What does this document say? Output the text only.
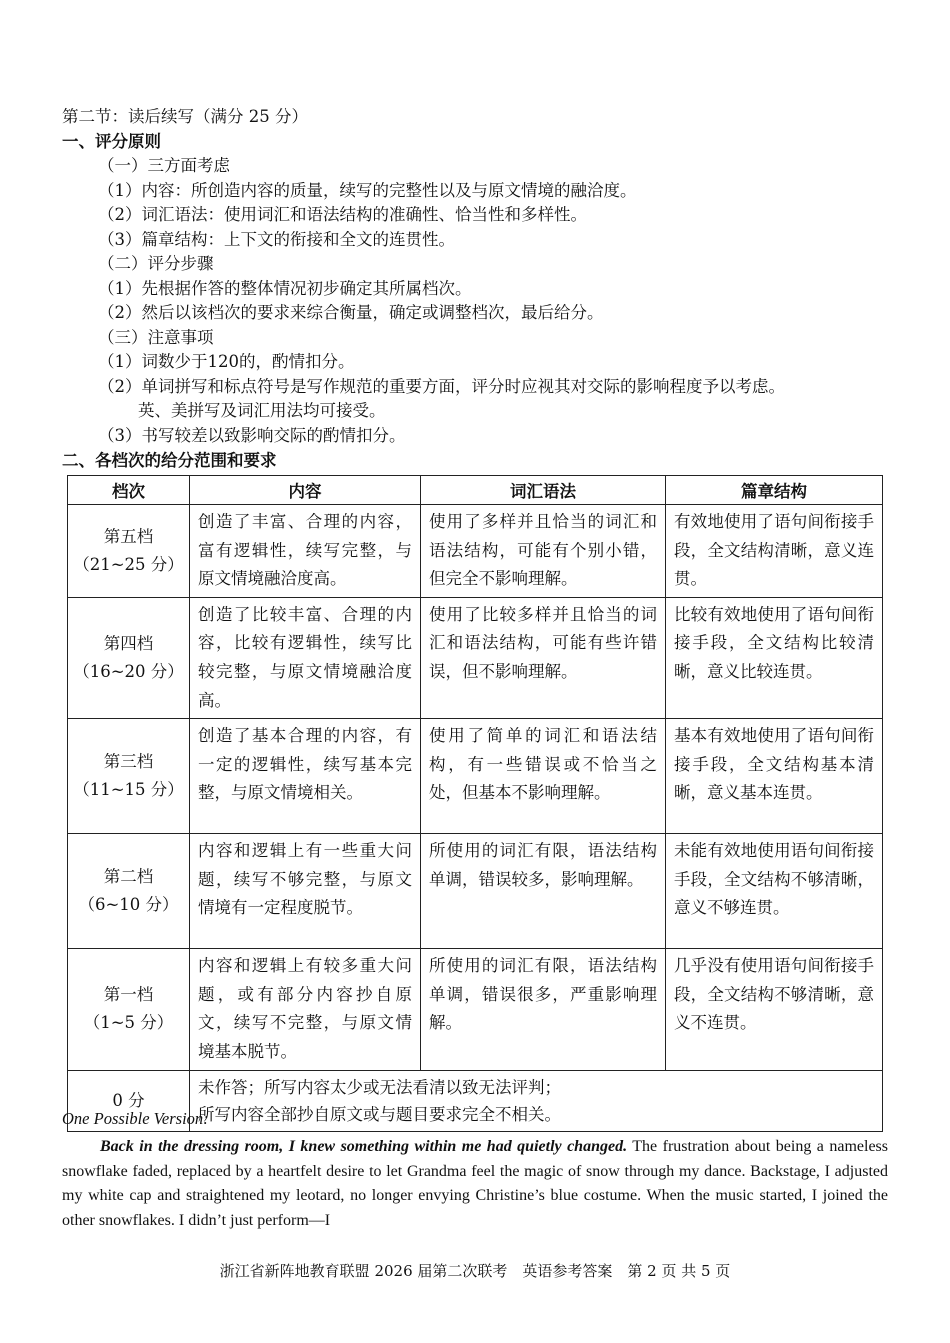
第二节：读后续写（满分 25 分）
一、评分原则
（一）三方面考虑
（1）内容：所创造内容的质量，续写的完整性以及与原文情境的融洽度。
（2）词汇语法：使用词汇和语法结构的准确性、恰当性和多样性。
（3）篇章结构：上下文的衔接和全文的连贯性。
（二）评分步骤
（1）先根据作答的整体情况初步确定其所属档次。
（2）然后以该档次的要求来综合衡量，确定或调整档次，最后给分。
（三）注意事项
（1）词数少于120的，酌情扣分。
（2）单词拼写和标点符号是写作规范的重要方面，评分时应视其对交际的影响程度予以考虑。
英、美拼写及词汇用法均可接受。
（3）书写较差以致影响交际的酌情扣分。
二、各档次的给分范围和要求
档次	内容	词汇语法	篇章结构

第五档
（21~25 分）	创造了丰富、合理的内容，富有逻辑性，续写完整，与原文情境融洽度高。	使用了多样并且恰当的词汇和语法结构，可能有个别小错，但完全不影响理解。	有效地使用了语句间衔接手段，全文结构清晰，意义连贯。

第四档
（16~20 分）	创造了比较丰富、合理的内容，比较有逻辑性，续写比较完整，与原文情境融洽度高。	使用了比较多样并且恰当的词汇和语法结构，可能有些许错误，但不影响理解。	比较有效地使用了语句间衔接手段，全文结构比较清晰，意义比较连贯。

第三档
（11~15 分）	创造了基本合理的内容，有一定的逻辑性，续写基本完整，与原文情境相关。	使用了简单的词汇和语法结构，有一些错误或不恰当之处，但基本不影响理解。	基本有效地使用了语句间衔接手段，全文结构基本清晰，意义基本连贯。

第二档
（6~10 分）	内容和逻辑上有一些重大问题，续写不够完整，与原文情境有一定程度脱节。	所使用的词汇有限，语法结构单调，错误较多，影响理解。	未能有效地使用语句间衔接手段，全文结构不够清晰，意义不够连贯。

第一档
（1~5 分）	内容和逻辑上有较多重大问题，或有部分内容抄自原文，续写不完整，与原文情境基本脱节。	所使用的词汇有限，语法结构单调，错误很多，严重影响理解。	几乎没有使用语句间衔接手段，全文结构不够清晰，意义不连贯。

0 分	未作答；所写内容太少或无法看清以致无法评判；
所写内容全部抄自原文或与题目要求完全不相关。		
One Possible Version:

Back in the dressing room, I knew something within me had quietly changed. The frustration about being a nameless snowflake faded, replaced by a heartfelt desire to let Grandma feel the magic of snow through my dance. Backstage, I adjusted my white cap and straightened my leotard, no longer envying Christine’s blue costume. When the music started, I joined the other snowflakes. I didn’t just perform—I

浙江省新阵地教育联盟 2026 届第二次联考　英语参考答案　第 2 页 共 5 页
